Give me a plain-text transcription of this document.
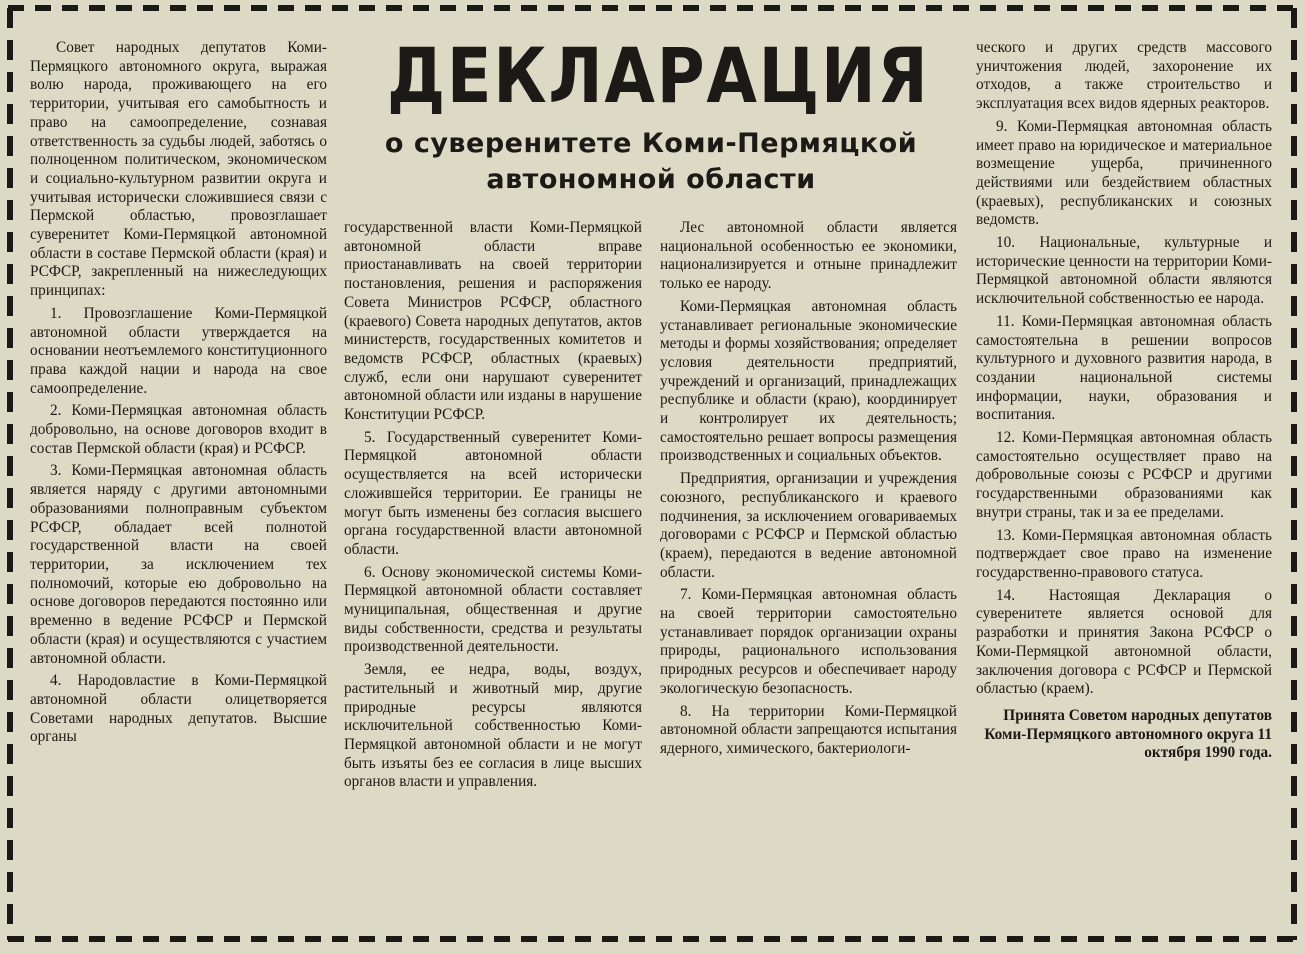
ДЕКЛАРАЦИЯ
о суверенитете Коми-Пермяцкой
автономной области

Совет народных депутатов Коми-Пермяцкого автономного округа, выражая волю народа, проживающего на его территории, учитывая его самобытность и право на самоопределение, сознавая ответственность за судьбы людей, заботясь о полноценном политическом, экономическом и социально-культурном развитии округа и учитывая исторически сложившиеся связи с Пермской областью, провозглашает суверенитет Коми-Пермяцкой автономной области в составе Пермской области (края) и РСФСР, закрепленный на нижеследующих принципах:

1. Провозглашение Коми-Пермяцкой автономной области утверждается на основании неотъемлемого конституционного права каждой нации и народа на свое самоопределение.

2. Коми-Пермяцкая автономная область добровольно, на основе договоров входит в состав Пермской области (края) и РСФСР.

3. Коми-Пермяцкая автономная область является наряду с другими автономными образованиями полноправным субъектом РСФСР, обладает всей полнотой государственной власти на своей территории, за исключением тех полномочий, которые ею добровольно на основе договоров передаются постоянно или временно в ведение РСФСР и Пермской области (края) и осуществляются с участием автономной области.

4. Народовластие в Коми-Пермяцкой автономной области олицетворяется Советами народных депутатов. Высшие органы

государственной власти Коми-Пермяцкой автономной области вправе приостанавливать на своей территории постановления, решения и распоряжения Совета Министров РСФСР, областного (краевого) Совета народных депутатов, актов министерств, государственных комитетов и ведомств РСФСР, областных (краевых) служб, если они нарушают суверенитет автономной области или изданы в нарушение Конституции РСФСР.

5. Государственный суверенитет Коми-Пермяцкой автономной области осуществляется на всей исторически сложившейся территории. Ее границы не могут быть изменены без согласия высшего органа государственной власти автономной области.

6. Основу экономической системы Коми-Пермяцкой автономной области составляет муниципальная, общественная и другие виды собственности, средства и результаты производственной деятельности.

Земля, ее недра, воды, воздух, растительный и животный мир, другие природные ресурсы являются исключительной собственностью Коми-Пермяцкой автономной области и не могут быть изъяты без ее согласия в лице высших органов власти и управления.

Лес автономной области является национальной особенностью ее экономики, национализируется и отныне принадлежит только ее народу.

Коми-Пермяцкая автономная область устанавливает региональные экономические методы и формы хозяйствования; определяет условия деятельности предприятий, учреждений и организаций, принадлежащих республике и области (краю), координирует и контролирует их деятельность; самостоятельно решает вопросы размещения производственных и социальных объектов.

Предприятия, организации и учреждения союзного, республиканского и краевого подчинения, за исключением оговариваемых договорами с РСФСР и Пермской областью (краем), передаются в ведение автономной области.

7. Коми-Пермяцкая автономная область на своей территории самостоятельно устанавливает порядок организации охраны природы, рационального использования природных ресурсов и обеспечивает народу экологическую безопасность.

8. На территории Коми-Пермяцкой автономной области запрещаются испытания ядерного, химического, бактериологи-

ческого и других средств массового уничтожения людей, захоронение их отходов, а также строительство и эксплуатация всех видов ядерных реакторов.

9. Коми-Пермяцкая автономная область имеет право на юридическое и материальное возмещение ущерба, причиненного действиями или бездействием областных (краевых), республиканских и союзных ведомств.

10. Национальные, культурные и исторические ценности на территории Коми-Пермяцкой автономной области являются исключительной собственностью ее народа.

11. Коми-Пермяцкая автономная область самостоятельна в решении вопросов культурного и духовного развития народа, в создании национальной системы информации, науки, образования и воспитания.

12. Коми-Пермяцкая автономная область самостоятельно осуществляет право на добровольные союзы с РСФСР и другими государственными образованиями как внутри страны, так и за ее пределами.

13. Коми-Пермяцкая автономная область подтверждает свое право на изменение государственно-правового статуса.

14. Настоящая Декларация о суверенитете является основой для разработки и принятия Закона РСФСР о Коми-Пермяцкой автономной области, заключения договора с РСФСР и Пермской областью (краем).

Принята Советом народных депутатов Коми-Пермяцкого автономного округа 11 октября 1990 года.
